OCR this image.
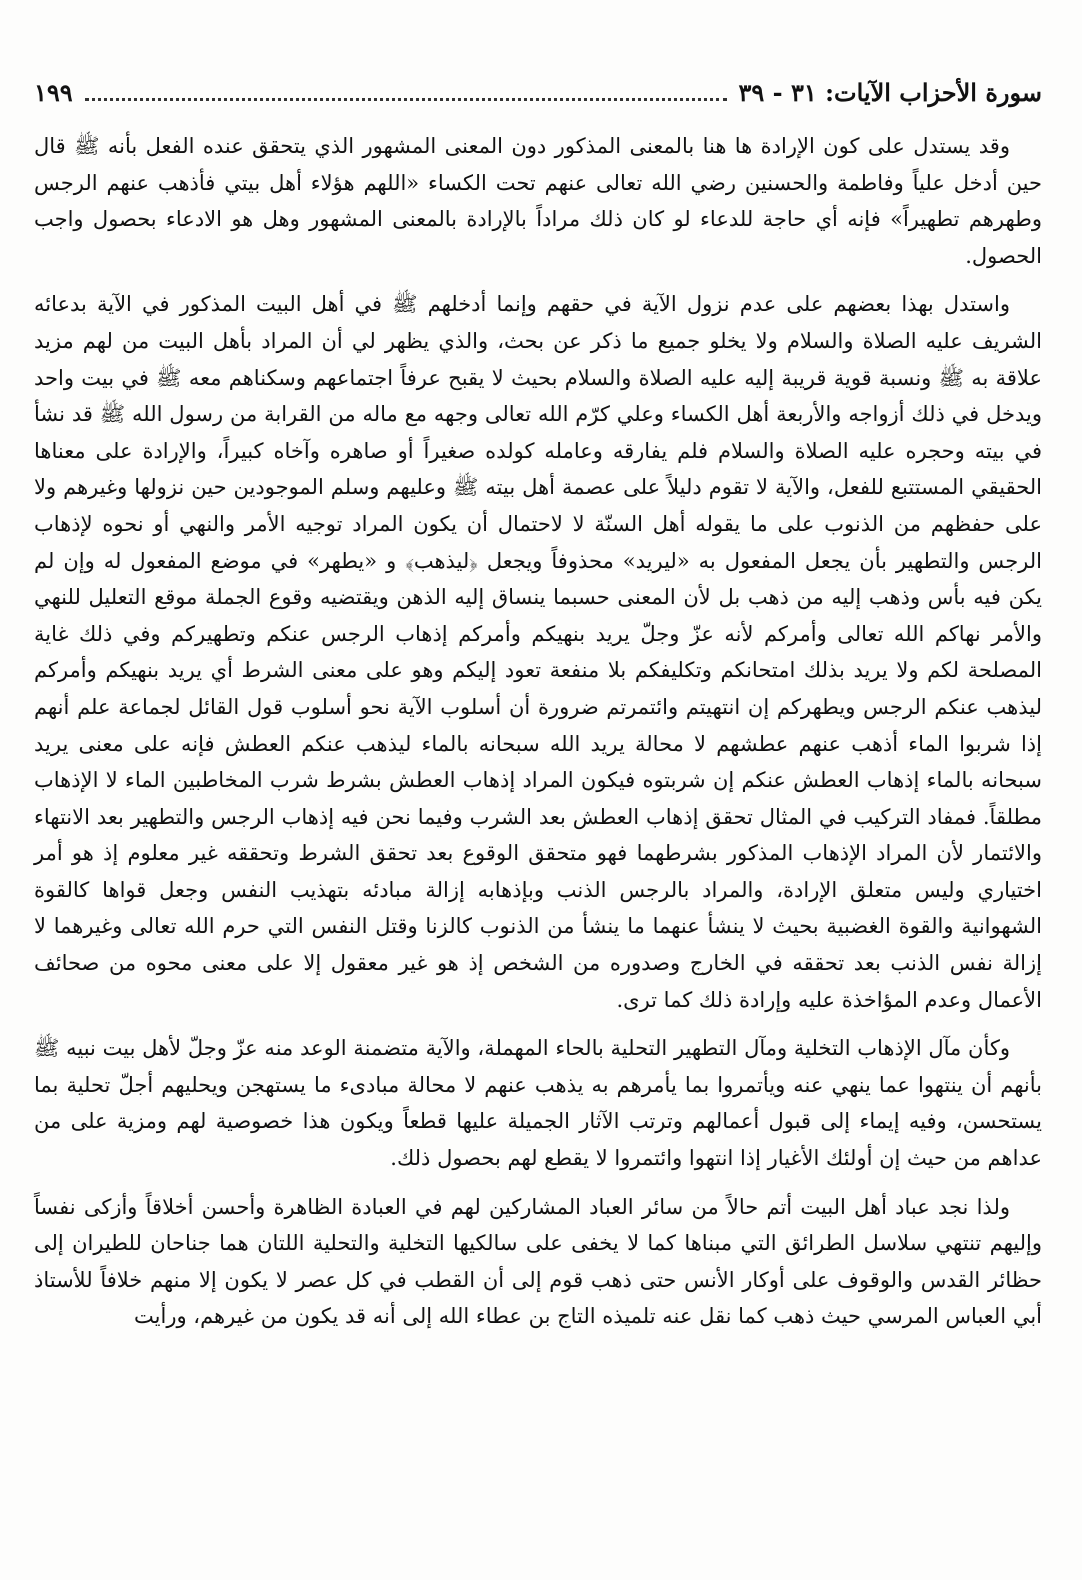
سورة الأحزاب الآيات: ٣١ - ٣٩
١٩٩

وقد يستدل على كون الإرادة ها هنا بالمعنى المذكور دون المعنى المشهور الذي يتحقق عنده الفعل بأنه ﷺ قال حين أدخل علياً وفاطمة والحسنين رضي الله تعالى عنهم تحت الكساء «اللهم هؤلاء أهل بيتي فأذهب عنهم الرجس وطهرهم تطهيراً» فإنه أي حاجة للدعاء لو كان ذلك مراداً بالإرادة بالمعنى المشهور وهل هو الادعاء بحصول واجب الحصول.

واستدل بهذا بعضهم على عدم نزول الآية في حقهم وإنما أدخلهم ﷺ في أهل البيت المذكور في الآية بدعائه الشريف عليه الصلاة والسلام ولا يخلو جميع ما ذكر عن بحث، والذي يظهر لي أن المراد بأهل البيت من لهم مزيد علاقة به ﷺ ونسبة قوية قريبة إليه عليه الصلاة والسلام بحيث لا يقبح عرفاً اجتماعهم وسكناهم معه ﷺ في بيت واحد ويدخل في ذلك أزواجه والأربعة أهل الكساء وعلي كرّم الله تعالى وجهه مع ماله من القرابة من رسول الله ﷺ قد نشأ في بيته وحجره عليه الصلاة والسلام فلم يفارقه وعامله كولده صغيراً أو صاهره وآخاه كبيراً، والإرادة على معناها الحقيقي المستتبع للفعل، والآية لا تقوم دليلاً على عصمة أهل بيته ﷺ وعليهم وسلم الموجودين حين نزولها وغيرهم ولا على حفظهم من الذنوب على ما يقوله أهل السنّة لا لاحتمال أن يكون المراد توجيه الأمر والنهي أو نحوه لإذهاب الرجس والتطهير بأن يجعل المفعول به «ليريد» محذوفاً ويجعل ﴿ليذهب﴾ و «يطهر» في موضع المفعول له وإن لم يكن فيه بأس وذهب إليه من ذهب بل لأن المعنى حسبما ينساق إليه الذهن ويقتضيه وقوع الجملة موقع التعليل للنهي والأمر نهاكم الله تعالى وأمركم لأنه عزّ وجلّ يريد بنهيكم وأمركم إذهاب الرجس عنكم وتطهيركم وفي ذلك غاية المصلحة لكم ولا يريد بذلك امتحانكم وتكليفكم بلا منفعة تعود إليكم وهو على معنى الشرط أي يريد بنهيكم وأمركم ليذهب عنكم الرجس ويطهركم إن انتهيتم وائتمرتم ضرورة أن أسلوب الآية نحو أسلوب قول القائل لجماعة علم أنهم إذا شربوا الماء أذهب عنهم عطشهم لا محالة يريد الله سبحانه بالماء ليذهب عنكم العطش فإنه على معنى يريد سبحانه بالماء إذهاب العطش عنكم إن شربتوه فيكون المراد إذهاب العطش بشرط شرب المخاطبين الماء لا الإذهاب مطلقاً. فمفاد التركيب في المثال تحقق إذهاب العطش بعد الشرب وفيما نحن فيه إذهاب الرجس والتطهير بعد الانتهاء والائتمار لأن المراد الإذهاب المذكور بشرطهما فهو متحقق الوقوع بعد تحقق الشرط وتحققه غير معلوم إذ هو أمر اختياري وليس متعلق الإرادة، والمراد بالرجس الذنب وبإذهابه إزالة مبادئه بتهذيب النفس وجعل قواها كالقوة الشهوانية والقوة الغضبية بحيث لا ينشأ عنهما ما ينشأ من الذنوب كالزنا وقتل النفس التي حرم الله تعالى وغيرهما لا إزالة نفس الذنب بعد تحققه في الخارج وصدوره من الشخص إذ هو غير معقول إلا على معنى محوه من صحائف الأعمال وعدم المؤاخذة عليه وإرادة ذلك كما ترى.

وكأن مآل الإذهاب التخلية ومآل التطهير التحلية بالحاء المهملة، والآية متضمنة الوعد منه عزّ وجلّ لأهل بيت نبيه ﷺ بأنهم أن ينتهوا عما ينهي عنه ويأتمروا بما يأمرهم به يذهب عنهم لا محالة مبادىء ما يستهجن ويحليهم أجلّ تحلية بما يستحسن، وفيه إيماء إلى قبول أعمالهم وترتب الآثار الجميلة عليها قطعاً ويكون هذا خصوصية لهم ومزية على من عداهم من حيث إن أولئك الأغيار إذا انتهوا وائتمروا لا يقطع لهم بحصول ذلك.

ولذا نجد عباد أهل البيت أتم حالاً من سائر العباد المشاركين لهم في العبادة الظاهرة وأحسن أخلاقاً وأزكى نفساً وإليهم تنتهي سلاسل الطرائق التي مبناها كما لا يخفى على سالكيها التخلية والتحلية اللتان هما جناحان للطيران إلى حظائر القدس والوقوف على أوكار الأنس حتى ذهب قوم إلى أن القطب في كل عصر لا يكون إلا منهم خلافاً للأستاذ أبي العباس المرسي حيث ذهب كما نقل عنه تلميذه التاج بن عطاء الله إلى أنه قد يكون من غيرهم، ورأيت
